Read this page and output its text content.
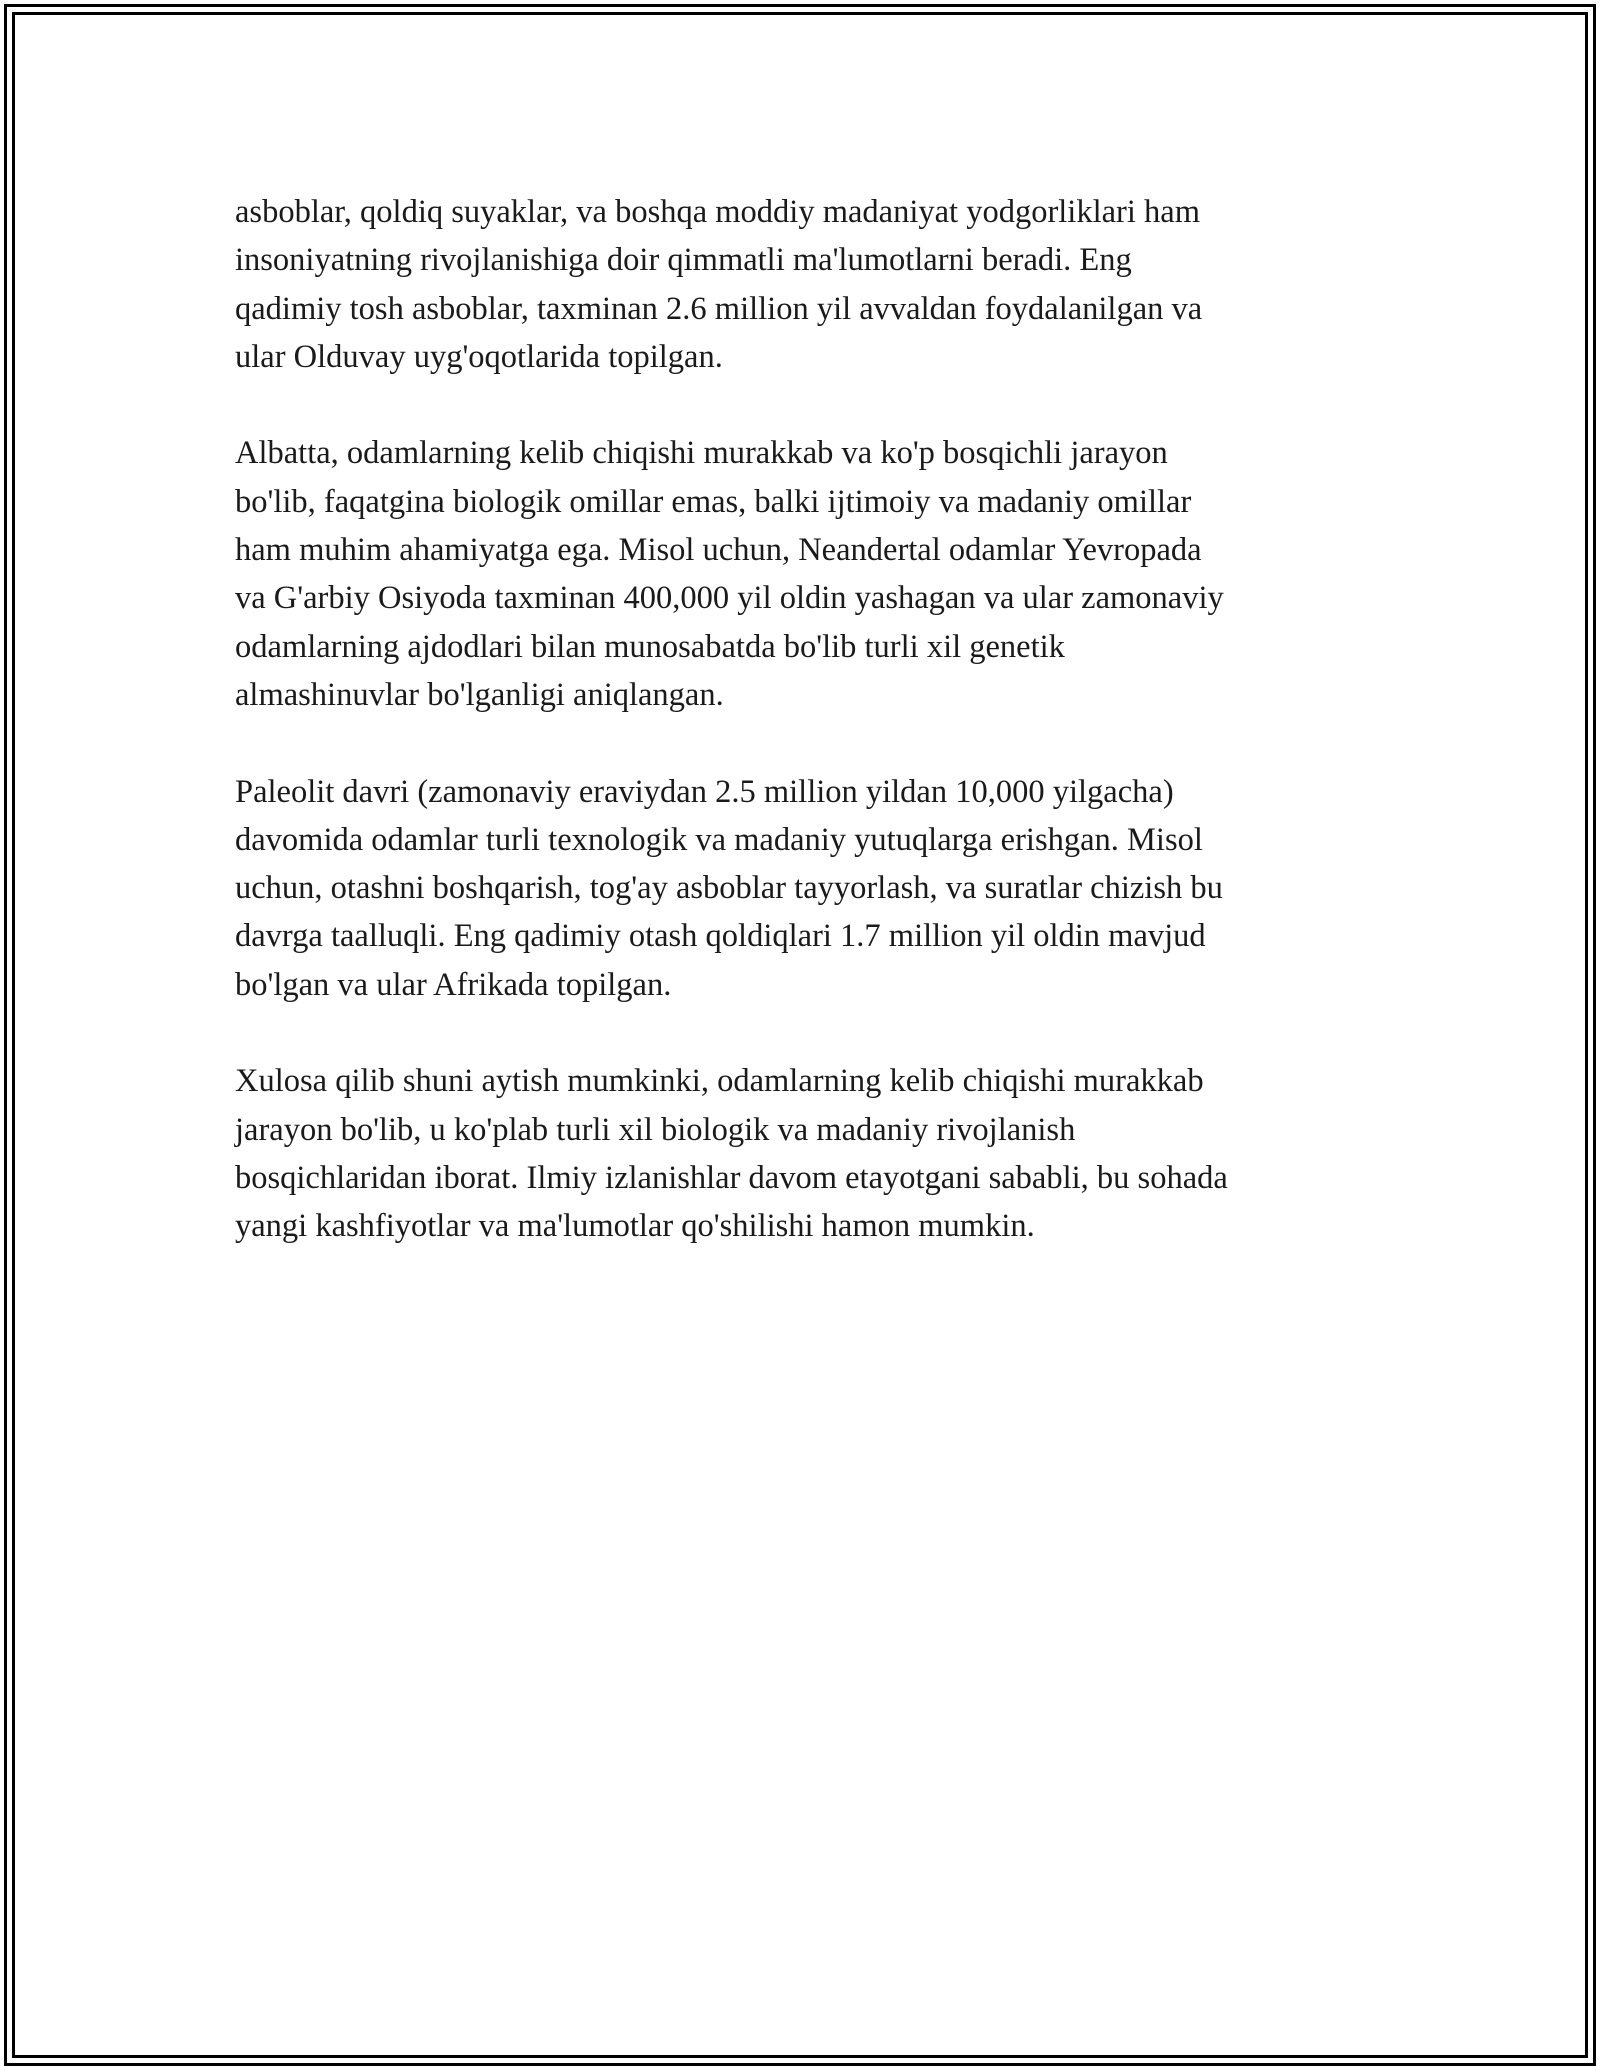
asboblar, qoldiq suyaklar, va boshqa moddiy madaniyat yodgorliklari ham
insoniyatning rivojlanishiga doir qimmatli ma'lumotlarni beradi. Eng
qadimiy tosh asboblar, taxminan 2.6 million yil avvaldan foydalanilgan va
ular Olduvay uyg'oqotlarida topilgan.

Albatta, odamlarning kelib chiqishi murakkab va ko'p bosqichli jarayon
bo'lib, faqatgina biologik omillar emas, balki ijtimoiy va madaniy omillar
ham muhim ahamiyatga ega. Misol uchun, Neandertal odamlar Yevropada
va G'arbiy Osiyoda taxminan 400,000 yil oldin yashagan va ular zamonaviy
odamlarning ajdodlari bilan munosabatda bo'lib turli xil genetik
almashinuvlar bo'lganligi aniqlangan.

Paleolit davri (zamonaviy eraviydan 2.5 million yildan 10,000 yilgacha)
davomida odamlar turli texnologik va madaniy yutuqlarga erishgan. Misol
uchun, otashni boshqarish, tog'ay asboblar tayyorlash, va suratlar chizish bu
davrga taalluqli. Eng qadimiy otash qoldiqlari 1.7 million yil oldin mavjud
bo'lgan va ular Afrikada topilgan.

Xulosa qilib shuni aytish mumkinki, odamlarning kelib chiqishi murakkab
jarayon bo'lib, u ko'plab turli xil biologik va madaniy rivojlanish
bosqichlaridan iborat. Ilmiy izlanishlar davom etayotgani sababli, bu sohada
yangi kashfiyotlar va ma'lumotlar qo'shilishi hamon mumkin.
